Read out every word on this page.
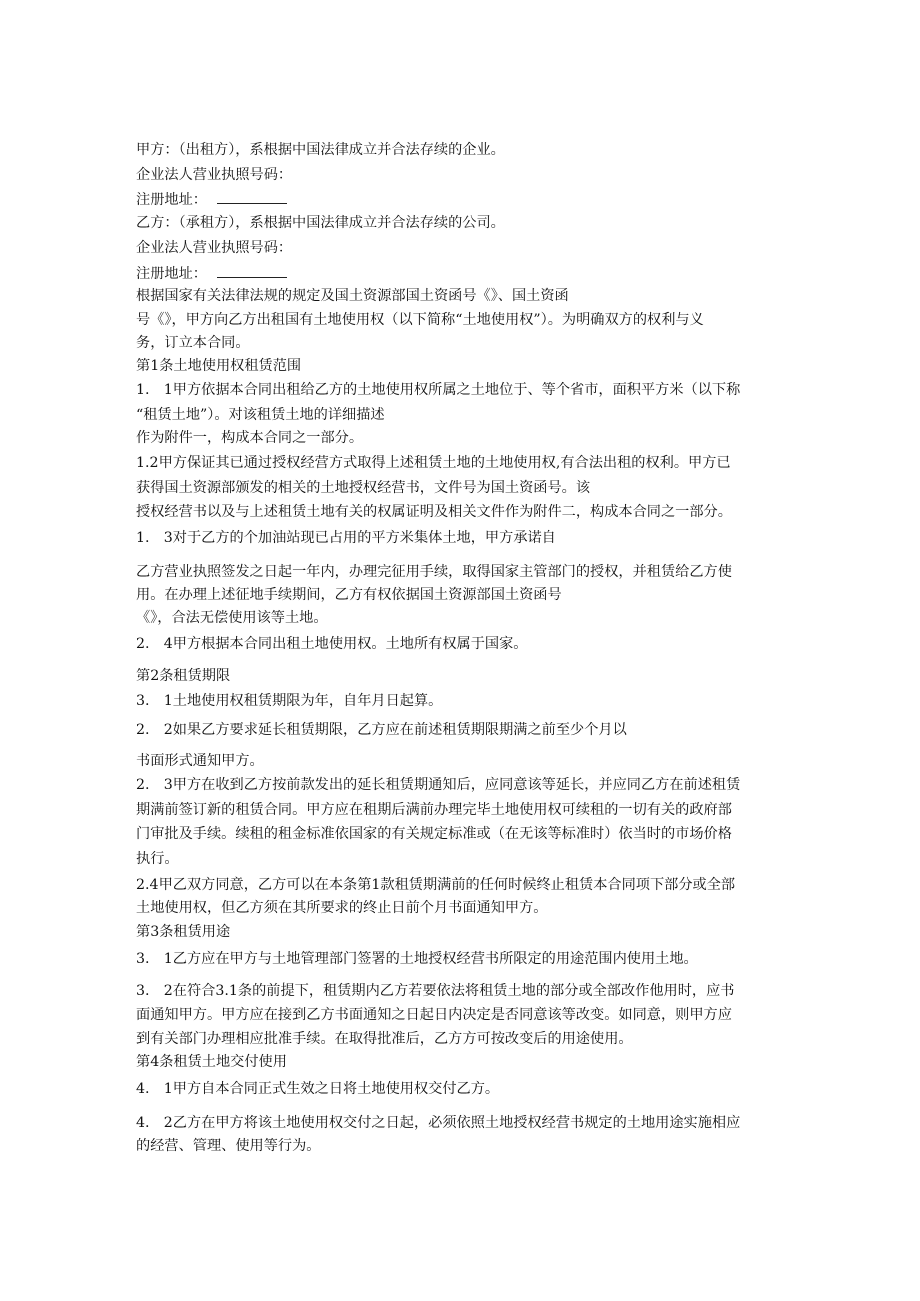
甲方：（出租方），系根据中国法律成立并合法存续的企业。
企业法人营业执照号码：
注册地址：
乙方：（承租方），系根据中国法律成立并合法存续的公司。
企业法人营业执照号码：
注册地址：
根据国家有关法律法规的规定及国土资源部国土资函号《》、国土资函
号《》，甲方向乙方出租国有土地使用权（以下简称“土地使用权”）。为明确双方的权利与义
务，订立本合同。
第1条土地使用权租赁范围
1.　1甲方依据本合同出租给乙方的土地使用权所属之土地位于、等个省市，面积平方米（以下称
“租赁土地”）。对该租赁土地的详细描述
作为附件一，构成本合同之一部分。
1.2甲方保证其已通过授权经营方式取得上述租赁土地的土地使用权,有合法出租的权利。甲方已
获得国土资源部颁发的相关的土地授权经营书，文件号为国土资函号。该
授权经营书以及与上述租赁土地有关的权属证明及相关文件作为附件二，构成本合同之一部分。
1.　3对于乙方的个加油站现已占用的平方米集体土地，甲方承诺自
乙方营业执照签发之日起一年内，办理完征用手续，取得国家主管部门的授权，并租赁给乙方使
用。在办理上述征地手续期间，乙方有权依据国土资源部国土资函号
《》，合法无偿使用该等土地。
2.　4甲方根据本合同出租土地使用权。土地所有权属于国家。
第2条租赁期限
3.　1土地使用权租赁期限为年，自年月日起算。
2.　2如果乙方要求延长租赁期限，乙方应在前述租赁期限期满之前至少个月以
书面形式通知甲方。
2.　3甲方在收到乙方按前款发出的延长租赁期通知后，应同意该等延长，并应同乙方在前述租赁
期满前签订新的租赁合同。甲方应在租期后满前办理完毕土地使用权可续租的一切有关的政府部
门审批及手续。续租的租金标准依国家的有关规定标准或（在无该等标准时）依当时的市场价格
执行。
2.4甲乙双方同意，乙方可以在本条第1款租赁期满前的任何时候终止租赁本合同项下部分或全部
土地使用权，但乙方须在其所要求的终止日前个月书面通知甲方。
第3条租赁用途
3.　1乙方应在甲方与土地管理部门签署的土地授权经营书所限定的用途范围内使用土地。
3.　2在符合3.1条的前提下，租赁期内乙方若要依法将租赁土地的部分或全部改作他用时，应书
面通知甲方。甲方应在接到乙方书面通知之日起日内决定是否同意该等改变。如同意，则甲方应
到有关部门办理相应批准手续。在取得批准后，乙方方可按改变后的用途使用。
第4条租赁土地交付使用
4.　1甲方自本合同正式生效之日将土地使用权交付乙方。
4.　2乙方在甲方将该土地使用权交付之日起，必须依照土地授权经营书规定的土地用途实施相应
的经营、管理、使用等行为。
